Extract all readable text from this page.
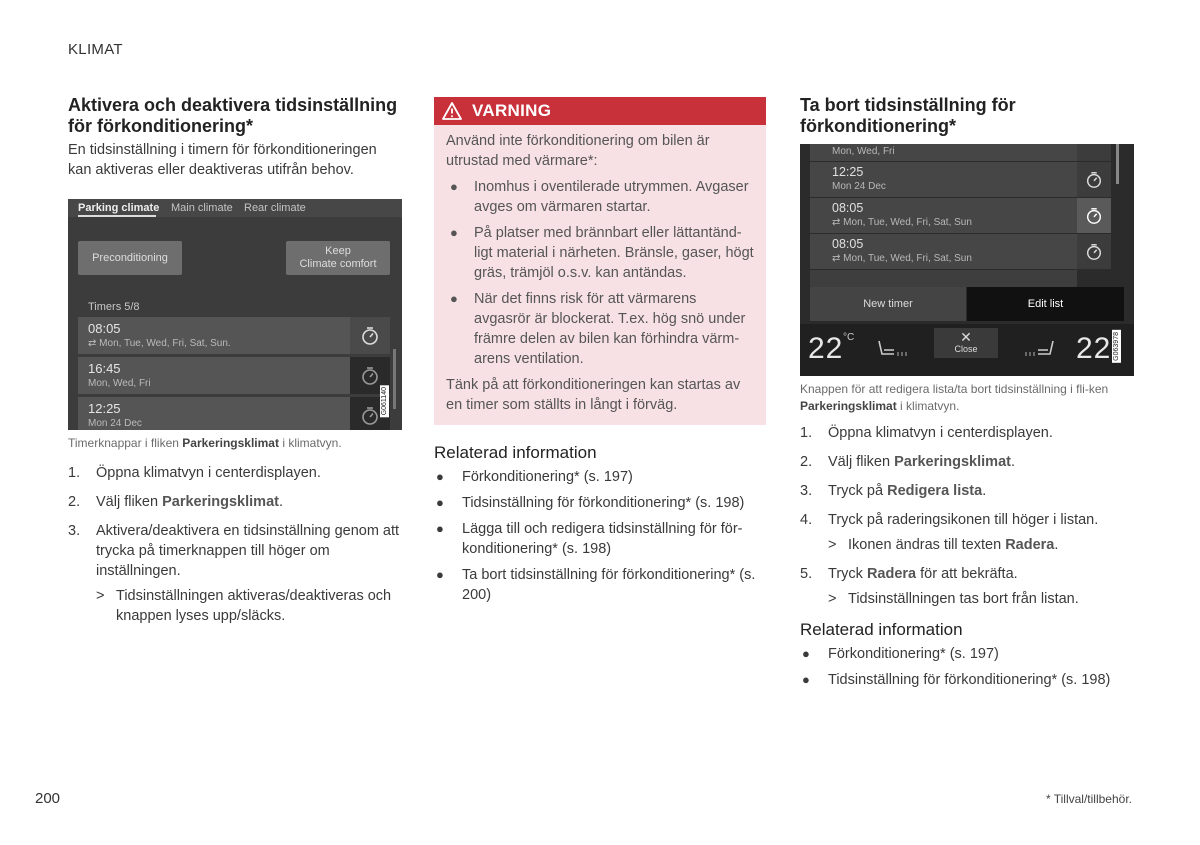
KLIMAT
Aktivera och deaktivera tidsinställning för förkonditionering*

En tidsinställning i timern för förkonditioneringen kan aktiveras eller deaktiveras utifrån behov.

Parking climate Main climate Rear climate
Preconditioning
Keep
Climate comfort
Timers 5/8
08:05
⇄ Mon, Tue, Wed, Fri, Sat, Sun.
16:45
Mon, Wed, Fri
12:25
Mon 24 Dec
G061140

Timerknappar i fliken Parkeringsklimat i klimatvyn.

1.	Öppna klimatvyn i centerdisplayen.
2.	Välj fliken Parkeringsklimat.
3.	Aktivera/deaktivera en tidsinställning genom att trycka på timerknappen till höger om inställningen.
> Tidsinställningen aktiveras/deaktiveras och knappen lyses upp/släcks.
VARNING

Använd inte förkonditionering om bilen är utrustad med värmare*:

●	Inomhus i oventilerade utrymmen. Avgaser avges om värmaren startar.
●	På platser med brännbart eller lättantänd-ligt material i närheten. Bränsle, gaser, högt gräs, trämjöl o.s.v. kan antändas.
●	När det finns risk för att värmarens avgasrör är blockerat. T.ex. hög snö under främre delen av bilen kan förhindra värm-arens ventilation.

Tänk på att förkonditioneringen kan startas av en timer som ställts in långt i förväg.

Relaterad information
●	Förkonditionering* (s. 197)
●	Tidsinställning för förkonditionering* (s. 198)
●	Lägga till och redigera tidsinställning för för-konditionering* (s. 198)
●	Ta bort tidsinställning för förkonditionering* (s. 200)
Ta bort tidsinställning för förkonditionering*
Mon, Wed, Fri
12:25
Mon 24 Dec
08:05
⇄ Mon, Tue, Wed, Fri, Sat, Sun
08:05
⇄ Mon, Tue, Wed, Fri, Sat, Sun
New timer	Edit list
22 °C	✕
Close	22 G063978

Knappen för att redigera lista/ta bort tidsinställning i fli-ken Parkeringsklimat i klimatvyn.

1.	Öppna klimatvyn i centerdisplayen.
2.	Välj fliken Parkeringsklimat.
3.	Tryck på Redigera lista.
4.	Tryck på raderingsikonen till höger i listan.
> Ikonen ändras till texten Radera.
5.	Tryck Radera för att bekräfta.
> Tidsinställningen tas bort från listan.
Relaterad information
●	Förkonditionering* (s. 197)
●	Tidsinställning för förkonditionering* (s. 198)
200	* Tillval/tillbehör.
